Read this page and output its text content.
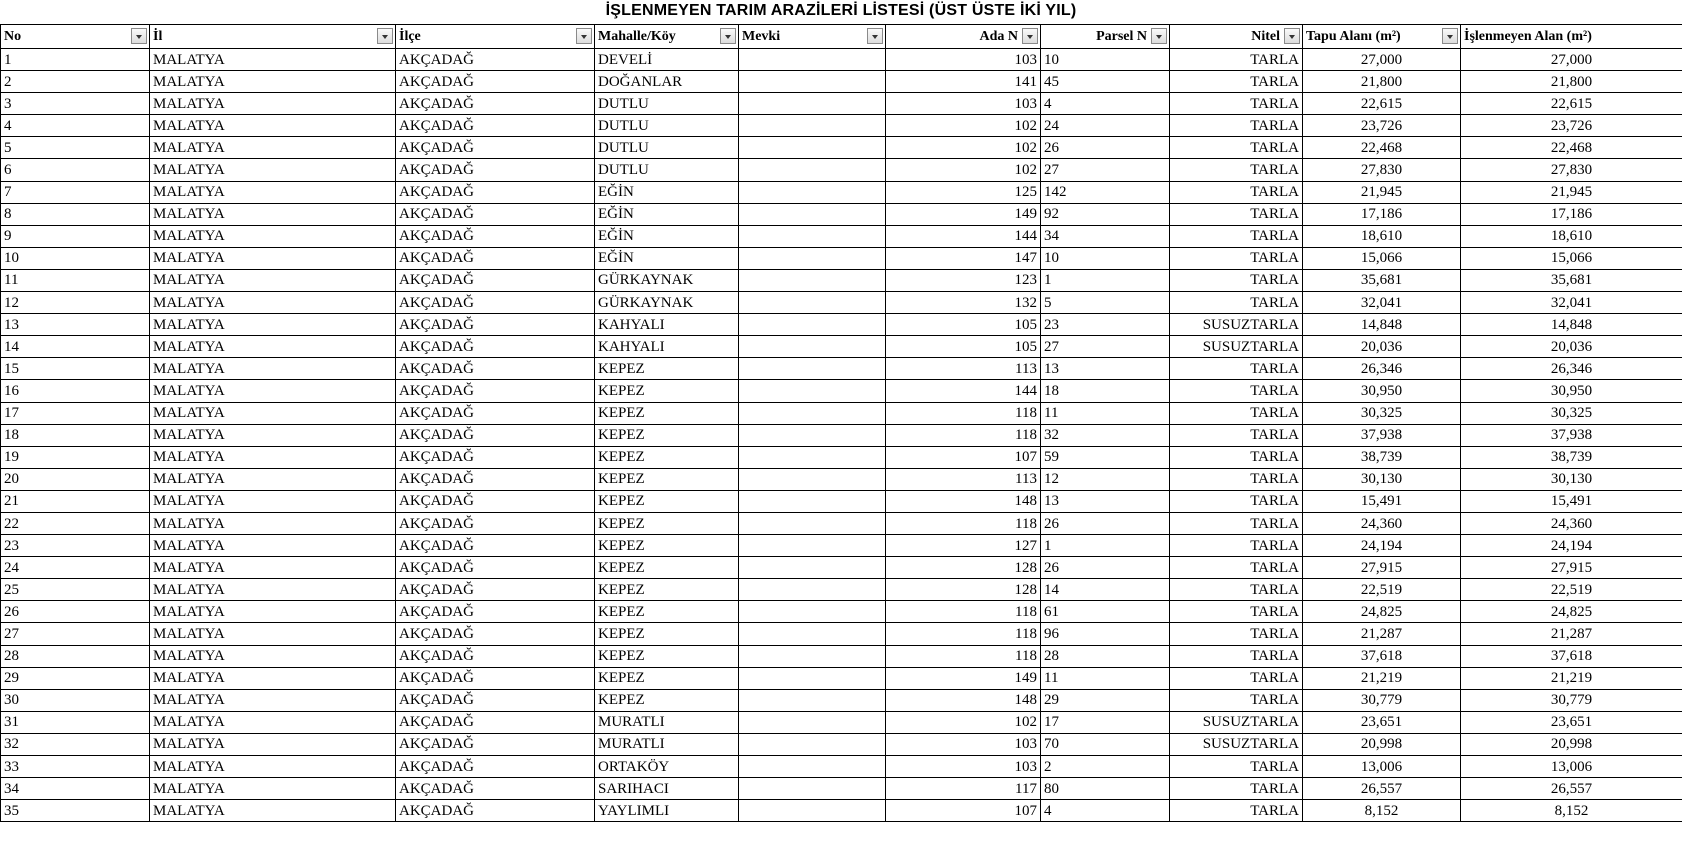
İŞLENMEYEN TARIM ARAZİLERİ LİSTESİ (ÜST ÜSTE İKİ YIL)
No	İl	İlçe	Mahalle/Köy	Mevki	Ada N	Parsel N	Nitel	Tapu Alanı (m²)	İşlenmeyen Alan (m²)
1	MALATYA	AKÇADAĞ	DEVELİ		103	10	TARLA	27,000	27,000
2	MALATYA	AKÇADAĞ	DOĞANLAR		141	45	TARLA	21,800	21,800
3	MALATYA	AKÇADAĞ	DUTLU		103	4	TARLA	22,615	22,615
4	MALATYA	AKÇADAĞ	DUTLU		102	24	TARLA	23,726	23,726
5	MALATYA	AKÇADAĞ	DUTLU		102	26	TARLA	22,468	22,468
6	MALATYA	AKÇADAĞ	DUTLU		102	27	TARLA	27,830	27,830
7	MALATYA	AKÇADAĞ	EĞİN		125	142	TARLA	21,945	21,945
8	MALATYA	AKÇADAĞ	EĞİN		149	92	TARLA	17,186	17,186
9	MALATYA	AKÇADAĞ	EĞİN		144	34	TARLA	18,610	18,610
10	MALATYA	AKÇADAĞ	EĞİN		147	10	TARLA	15,066	15,066
11	MALATYA	AKÇADAĞ	GÜRKAYNAK		123	1	TARLA	35,681	35,681
12	MALATYA	AKÇADAĞ	GÜRKAYNAK		132	5	TARLA	32,041	32,041
13	MALATYA	AKÇADAĞ	KAHYALI		105	23	SUSUZTARLA	14,848	14,848
14	MALATYA	AKÇADAĞ	KAHYALI		105	27	SUSUZTARLA	20,036	20,036
15	MALATYA	AKÇADAĞ	KEPEZ		113	13	TARLA	26,346	26,346
16	MALATYA	AKÇADAĞ	KEPEZ		144	18	TARLA	30,950	30,950
17	MALATYA	AKÇADAĞ	KEPEZ		118	11	TARLA	30,325	30,325
18	MALATYA	AKÇADAĞ	KEPEZ		118	32	TARLA	37,938	37,938
19	MALATYA	AKÇADAĞ	KEPEZ		107	59	TARLA	38,739	38,739
20	MALATYA	AKÇADAĞ	KEPEZ		113	12	TARLA	30,130	30,130
21	MALATYA	AKÇADAĞ	KEPEZ		148	13	TARLA	15,491	15,491
22	MALATYA	AKÇADAĞ	KEPEZ		118	26	TARLA	24,360	24,360
23	MALATYA	AKÇADAĞ	KEPEZ		127	1	TARLA	24,194	24,194
24	MALATYA	AKÇADAĞ	KEPEZ		128	26	TARLA	27,915	27,915
25	MALATYA	AKÇADAĞ	KEPEZ		128	14	TARLA	22,519	22,519
26	MALATYA	AKÇADAĞ	KEPEZ		118	61	TARLA	24,825	24,825
27	MALATYA	AKÇADAĞ	KEPEZ		118	96	TARLA	21,287	21,287
28	MALATYA	AKÇADAĞ	KEPEZ		118	28	TARLA	37,618	37,618
29	MALATYA	AKÇADAĞ	KEPEZ		149	11	TARLA	21,219	21,219
30	MALATYA	AKÇADAĞ	KEPEZ		148	29	TARLA	30,779	30,779
31	MALATYA	AKÇADAĞ	MURATLI		102	17	SUSUZTARLA	23,651	23,651
32	MALATYA	AKÇADAĞ	MURATLI		103	70	SUSUZTARLA	20,998	20,998
33	MALATYA	AKÇADAĞ	ORTAKÖY		103	2	TARLA	13,006	13,006
34	MALATYA	AKÇADAĞ	SARIHACI		117	80	TARLA	26,557	26,557
35	MALATYA	AKÇADAĞ	YAYLIMLI		107	4	TARLA	8,152	8,152
